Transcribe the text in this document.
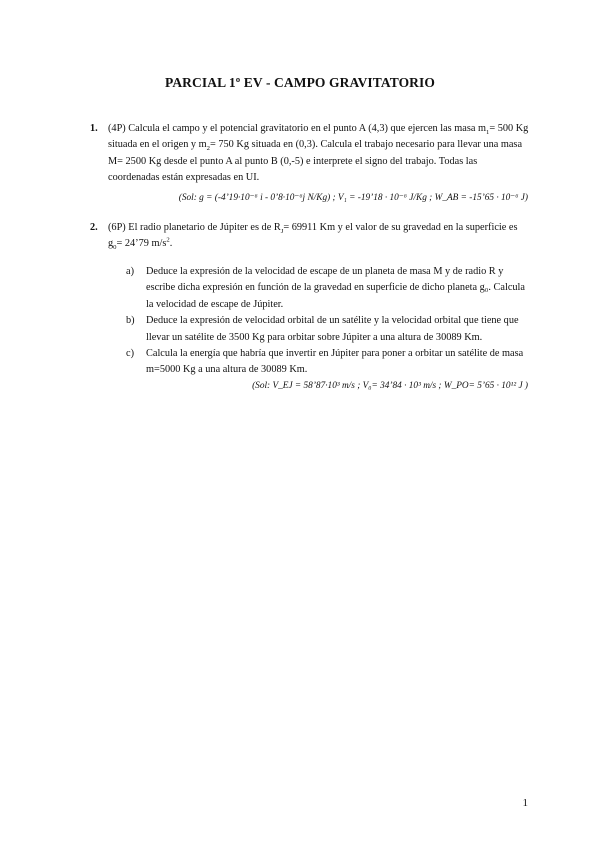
PARCIAL 1º EV - CAMPO GRAVITATORIO
1. (4P) Calcula el campo y el potencial gravitatorio en el punto A (4,3) que ejercen las masa $m_1= 500$ Kg situada en el origen y $m_2= 750$ Kg situada en (0,3). Calcula el trabajo necesario para llevar una masa M= 2500 Kg desde el punto A al punto B (0,-5) e interprete el signo del trabajo. Todas las coordenadas están expresadas en UI.
(Sol: g = (-4’19·10⁻⁶ i - 0’8·10⁻⁶j N/Kg) ; V₁ = -19’18 · 10⁻⁶ J/Kg ; W_AB = -15’65 · 10⁻⁶ J)
2. (6P) El radio planetario de Júpiter es de $R_J= 69911$ Km y el valor de su gravedad en la superficie es $g_0=$ 24’79 $m/s^2$.
a) Deduce la expresión de la velocidad de escape de un planeta de masa M y de radio R y escribe dicha expresión en función de la gravedad en superficie de dicho planeta g₀. Calcula la velocidad de escape de Júpiter.
b) Deduce la expresión de velocidad orbital de un satélite y la velocidad orbital que tiene que llevar un satélite de 3500 Kg para orbitar sobre Júpiter a una altura de 30089 Km.
c) Calcula la energía que habría que invertir en Júpiter para poner a orbitar un satélite de masa m=5000 Kg a una altura de 30089 Km.
(Sol: V_EJ = 58’87·10³ m/s ; V₀= 34’84 · 10³ m/s ; W_PO= 5’65 · 10¹² J )
1
